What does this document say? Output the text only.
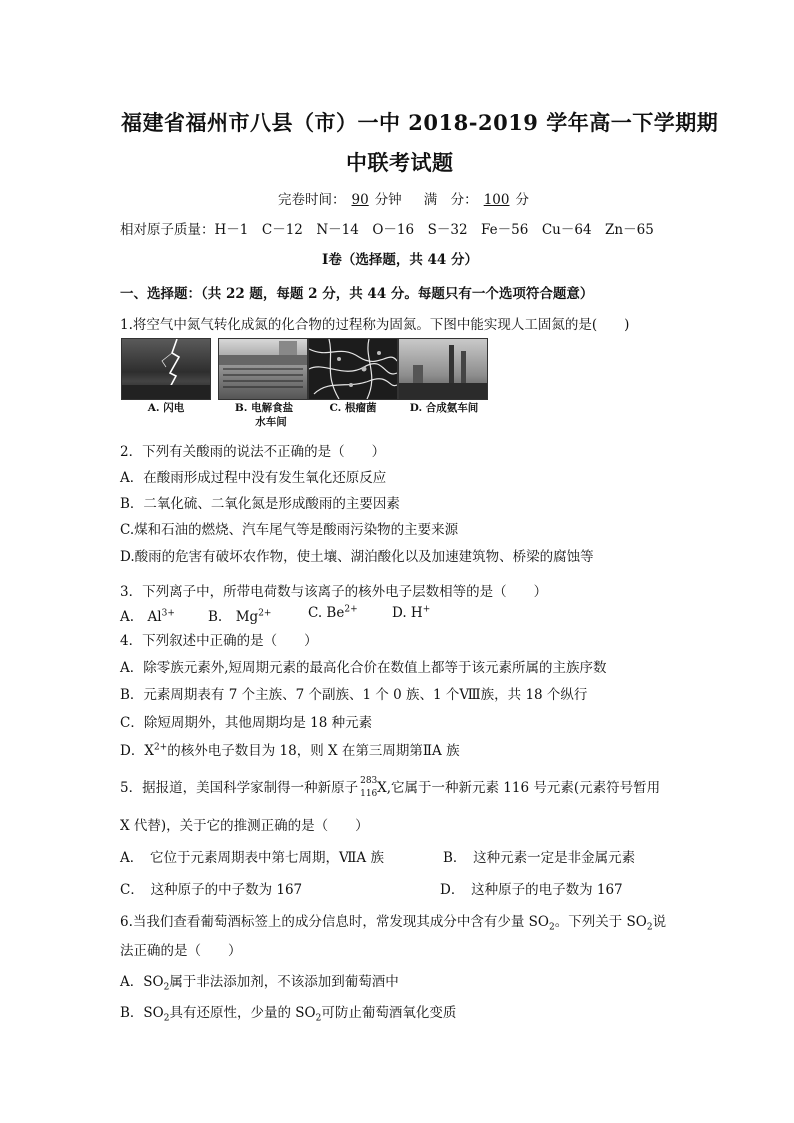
福建省福州市八县（市）一中 2018-2019 学年高一下学期期
中联考试题
完卷时间： 90 分钟 满　分： 100 分
相对原子质量：H－1　C－12　N－14　O－16　S－32　Fe－56　Cu－64　Zn－65
Ⅰ卷（选择题，共 44 分）
一、选择题：（共 22 题，每题 2 分，共 44 分。每题只有一个选项符合题意）
1.将空气中氮气转化成氮的化合物的过程称为固氮。下图中能实现人工固氮的是(　　)
A. 闪电	B. 电解食盐
水车间
C. 根瘤菌	D. 合成氨车间
2．下列有关酸雨的说法不正确的是（　　）
A．在酸雨形成过程中没有发生氧化还原反应
B．二氧化硫、二氧化氮是形成酸雨的主要因素
C.煤和石油的燃烧、汽车尾气等是酸雨污染物的主要来源
D.酸雨的危害有破坏农作物，使土壤、湖泊酸化以及加速建筑物、桥梁的腐蚀等
3．下列离子中，所带电荷数与该离子的核外电子层数相等的是（　　）
A.　$Al^{3+}$ B.　$Mg^{2+}$	C. $Be^{2+}$	D. H+
4．下列叙述中正确的是（　　）
A．除零族元素外,短周期元素的最高化合价在数值上都等于该元素所属的主族序数
B．元素周期表有 7 个主族、7 个副族、1 个 0 族、1 个Ⅷ族，共 18 个纵行
C．除短周期外，其他周期均是 18 种元素
D．$X^{2+}$的核外电子数目为 18，则 X 在第三周期第ⅡA 族
5．据报道，美国科学家制得一种新原子 283
116 X,它属于一种新元素 116 号元素(元素符号暂用
X 代替)，关于它的推测正确的是（　　）
A．　它位于元素周期表中第七周期，ⅦA 族	B．　这种元素一定是非金属元素
C．　这种原子的中子数为 167	D．　这种原子的电子数为 167
6.当我们查看葡萄酒标签上的成分信息时，常发现其成分中含有少量 $SO_2$。下列关于 $SO_2$说
法正确的是（　　）
A．$SO_2$属于非法添加剂，不该添加到葡萄酒中
B．$SO_2$具有还原性，少量的 $SO_2$可防止葡萄酒氧化变质
